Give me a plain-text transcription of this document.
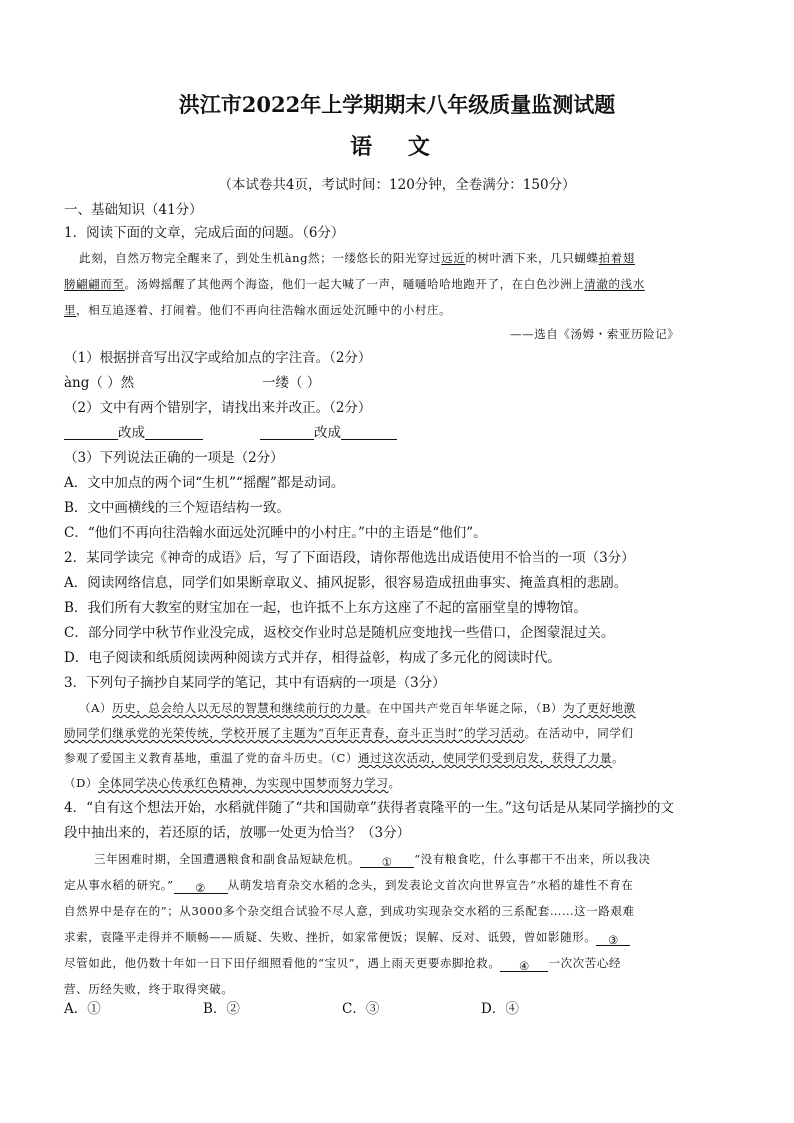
洪江市2022年上学期期末八年级质量监测试题
语 文
（本试卷共4页，考试时间：120分钟，全卷满分：150分）
一、基础知识（41分）
1．阅读下面的文章，完成后面的问题。（6分）
此刻，自然万物完全醒来了，到处生机àng然；一缕悠长的阳光穿过远近的树叶洒下来，几只蝴蝶拍着翅
膀翩翩而至。汤姆摇醒了其他两个海盗，他们一起大喊了一声，嗵嗵哈哈地跑开了，在白色沙洲上清澈的浅水
里，相互追逐着、打闹着。他们不再向往浩翰水面远处沉睡中的小村庄。
——选自《汤姆・索亚历险记》
（1）根据拼音写出汉字或给加点的字注音。（2分）
àng（ ）然	一缕（ ）
（2）文中有两个错别字，请找出来并改正。（2分）
改成	改成
（3）下列说法正确的一项是（2分）
A．文中加点的两个词“生机”“摇醒”都是动词。
B．文中画横线的三个短语结构一致。
C．“他们不再向往浩翰水面远处沉睡中的小村庄。”中的主语是“他们”。
2．某同学读完《神奇的成语》后，写了下面语段，请你帮他选出成语使用不恰当的一项（3分）
A．阅读网络信息，同学们如果断章取义、捕风捉影，很容易造成扭曲事实、掩盖真相的悲剧。
B．我们所有大教室的财宝加在一起，也许抵不上东方这座了不起的富丽堂皇的博物馆。
C．部分同学中秋节作业没完成，返校交作业时总是随机应变地找一些借口，企图蒙混过关。
D．电子阅读和纸质阅读两种阅读方式并存，相得益彰，构成了多元化的阅读时代。
3．下列句子摘抄自某同学的笔记，其中有语病的一项是（3分）
（A）历史，总会给人以无尽的智慧和继续前行的力量。在中国共产党百年华诞之际，（B）为了更好地激
励同学们继承党的光荣传统，学校开展了主题为“百年正青春，奋斗正当时”的学习活动。在活动中，同学们
参观了爱国主义教育基地，重温了党的奋斗历史。（C）通过这次活动，使同学们受到启发，获得了力量。
（D）全体同学决心传承红色精神，为实现中国梦而努力学习。
4．“自有这个想法开始，水稻就伴随了“共和国勋章”获得者袁隆平的一生。”这句话是从某同学摘抄的文
段中抽出来的，若还原的话，放哪一处更为恰当？（3分）
三年困难时期，全国遭遇粮食和副食品短缺危机。 ① “没有粮食吃，什么事都干不出来，所以我决
定从事水稻的研究。” ② 从萌发培育杂交水稻的念头，到发表论文首次向世界宣告“水稻的雄性不育在
自然界中是存在的”；从3000多个杂交组合试验不尽人意，到成功实现杂交水稻的三系配套……这一路艰难
求索，袁隆平走得并不顺畅——质疑、失败、挫折，如家常便饭；误解、反对、诋毁，曾如影随形。 ③
尽管如此，他仍数十年如一日下田仔细照看他的“宝贝”，遇上雨天更要赤脚抢救。 ④ 一次次苦心经
营、历经失败，终于取得突破。
A．①	B．②	C．③	D．④
